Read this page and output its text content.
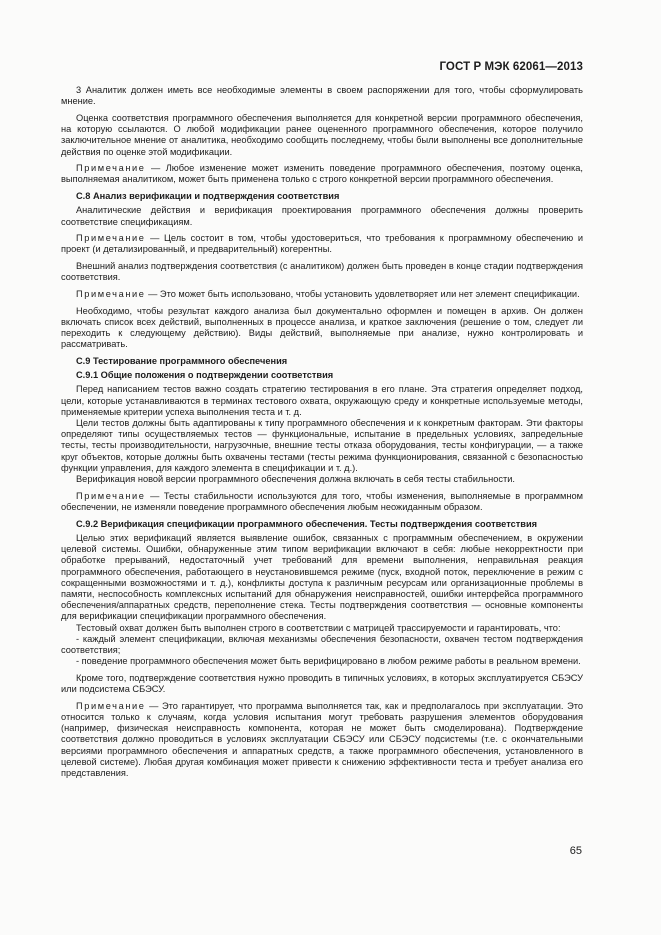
ГОСТ Р МЭК 62061—2013

3 Аналитик должен иметь все необходимые элементы в своем распоряжении для того, чтобы сформулировать мнение.

Оценка соответствия программного обеспечения выполняется для конкретной версии программного обеспечения, на которую ссылаются. О любой модификации ранее оцененного программного обеспечения, которое получило заключительное мнение от аналитика, необходимо сообщить последнему, чтобы были выполнены все дополнительные действия по оценке этой модификации.

Примечание — Любое изменение может изменить поведение программного обеспечения, поэтому оценка, выполняемая аналитиком, может быть применена только с строго конкретной версии программного обеспечения.

С.8 Анализ верификации и подтверждения соответствия

Аналитические действия и верификация проектирования программного обеспечения должны проверить соответствие спецификациям.

Примечание — Цель состоит в том, чтобы удостовериться, что требования к программному обеспечению и проект (и детализированный, и предварительный) когерентны.

Внешний анализ подтверждения соответствия (с аналитиком) должен быть проведен в конце стадии подтверждения соответствия.

Примечание — Это может быть использовано, чтобы установить удовлетворяет или нет элемент спецификации.

Необходимо, чтобы результат каждого анализа был документально оформлен и помещен в архив. Он должен включать список всех действий, выполненных в процессе анализа, и краткое заключения (решение о том, следует ли переходить к следующему действию). Виды действий, выполняемые при анализе, нужно контролировать и рассматривать.

С.9 Тестирование программного обеспечения

С.9.1 Общие положения о подтверждении соответствия

Перед написанием тестов важно создать стратегию тестирования в его плане. Эта стратегия определяет подход, цели, которые устанавливаются в терминах тестового охвата, окружающую среду и конкретные используемые методы, применяемые критерии успеха выполнения теста и т. д.

Цели тестов должны быть адаптированы к типу программного обеспечения и к конкретным факторам. Эти факторы определяют типы осуществляемых тестов — функциональные, испытание в предельных условиях, запредельные тесты, тесты производительности, нагрузочные, внешние тесты отказа оборудования, тесты конфигурации, — а также круг объектов, которые должны быть охвачены тестами (тесты режима функционирования, связанной с безопасностью функции управления, для каждого элемента в спецификации и т. д.).

Верификация новой версии программного обеспечения должна включать в себя тесты стабильности.

Примечание — Тесты стабильности используются для того, чтобы изменения, выполняемые в программном обеспечении, не изменяли поведение программного обеспечения любым неожиданным образом.

С.9.2 Верификация спецификации программного обеспечения. Тесты подтверждения соответствия

Целью этих верификаций является выявление ошибок, связанных с программным обеспечением, в окружении целевой системы. Ошибки, обнаруженные этим типом верификации включают в себя: любые некорректности при обработке прерываний, недостаточный учет требований для времени выполнения, неправильная реакция программного обеспечения, работающего в неустановившемся режиме (пуск, входной поток, переключение в режим с сокращенными возможностями и т. д.), конфликты доступа к различным ресурсам или организационные проблемы в памяти, неспособность комплексных испытаний для обнаружения неисправностей, ошибки интерфейса программного обеспечения/аппаратных средств, переполнение стека. Тесты подтверждения соответствия — основные компоненты для верификации спецификации программного обеспечения.

Тестовый охват должен быть выполнен строго в соответствии с матрицей трассируемости и гарантировать, что:

- каждый элемент спецификации, включая механизмы обеспечения безопасности, охвачен тестом подтверждения соответствия;

- поведение программного обеспечения может быть верифицировано в любом режиме работы в реальном времени.

Кроме того, подтверждение соответствия нужно проводить в типичных условиях, в которых эксплуатируется СБЭСУ или подсистема СБЭСУ.

Примечание — Это гарантирует, что программа выполняется так, как и предполагалось при эксплуатации. Это относится только к случаям, когда условия испытания могут требовать разрушения элементов оборудования (например, физическая неисправность компонента, которая не может быть смоделирована). Подтверждение соответствия должно проводиться в условиях эксплуатации СБЭСУ или СБЭСУ подсистемы (т.е. с окончательными версиями программного обеспечения и аппаратных средств, а также программного обеспечения, установленного в целевой системе). Любая другая комбинация может привести к снижению эффективности теста и требует анализа его представления.

65
